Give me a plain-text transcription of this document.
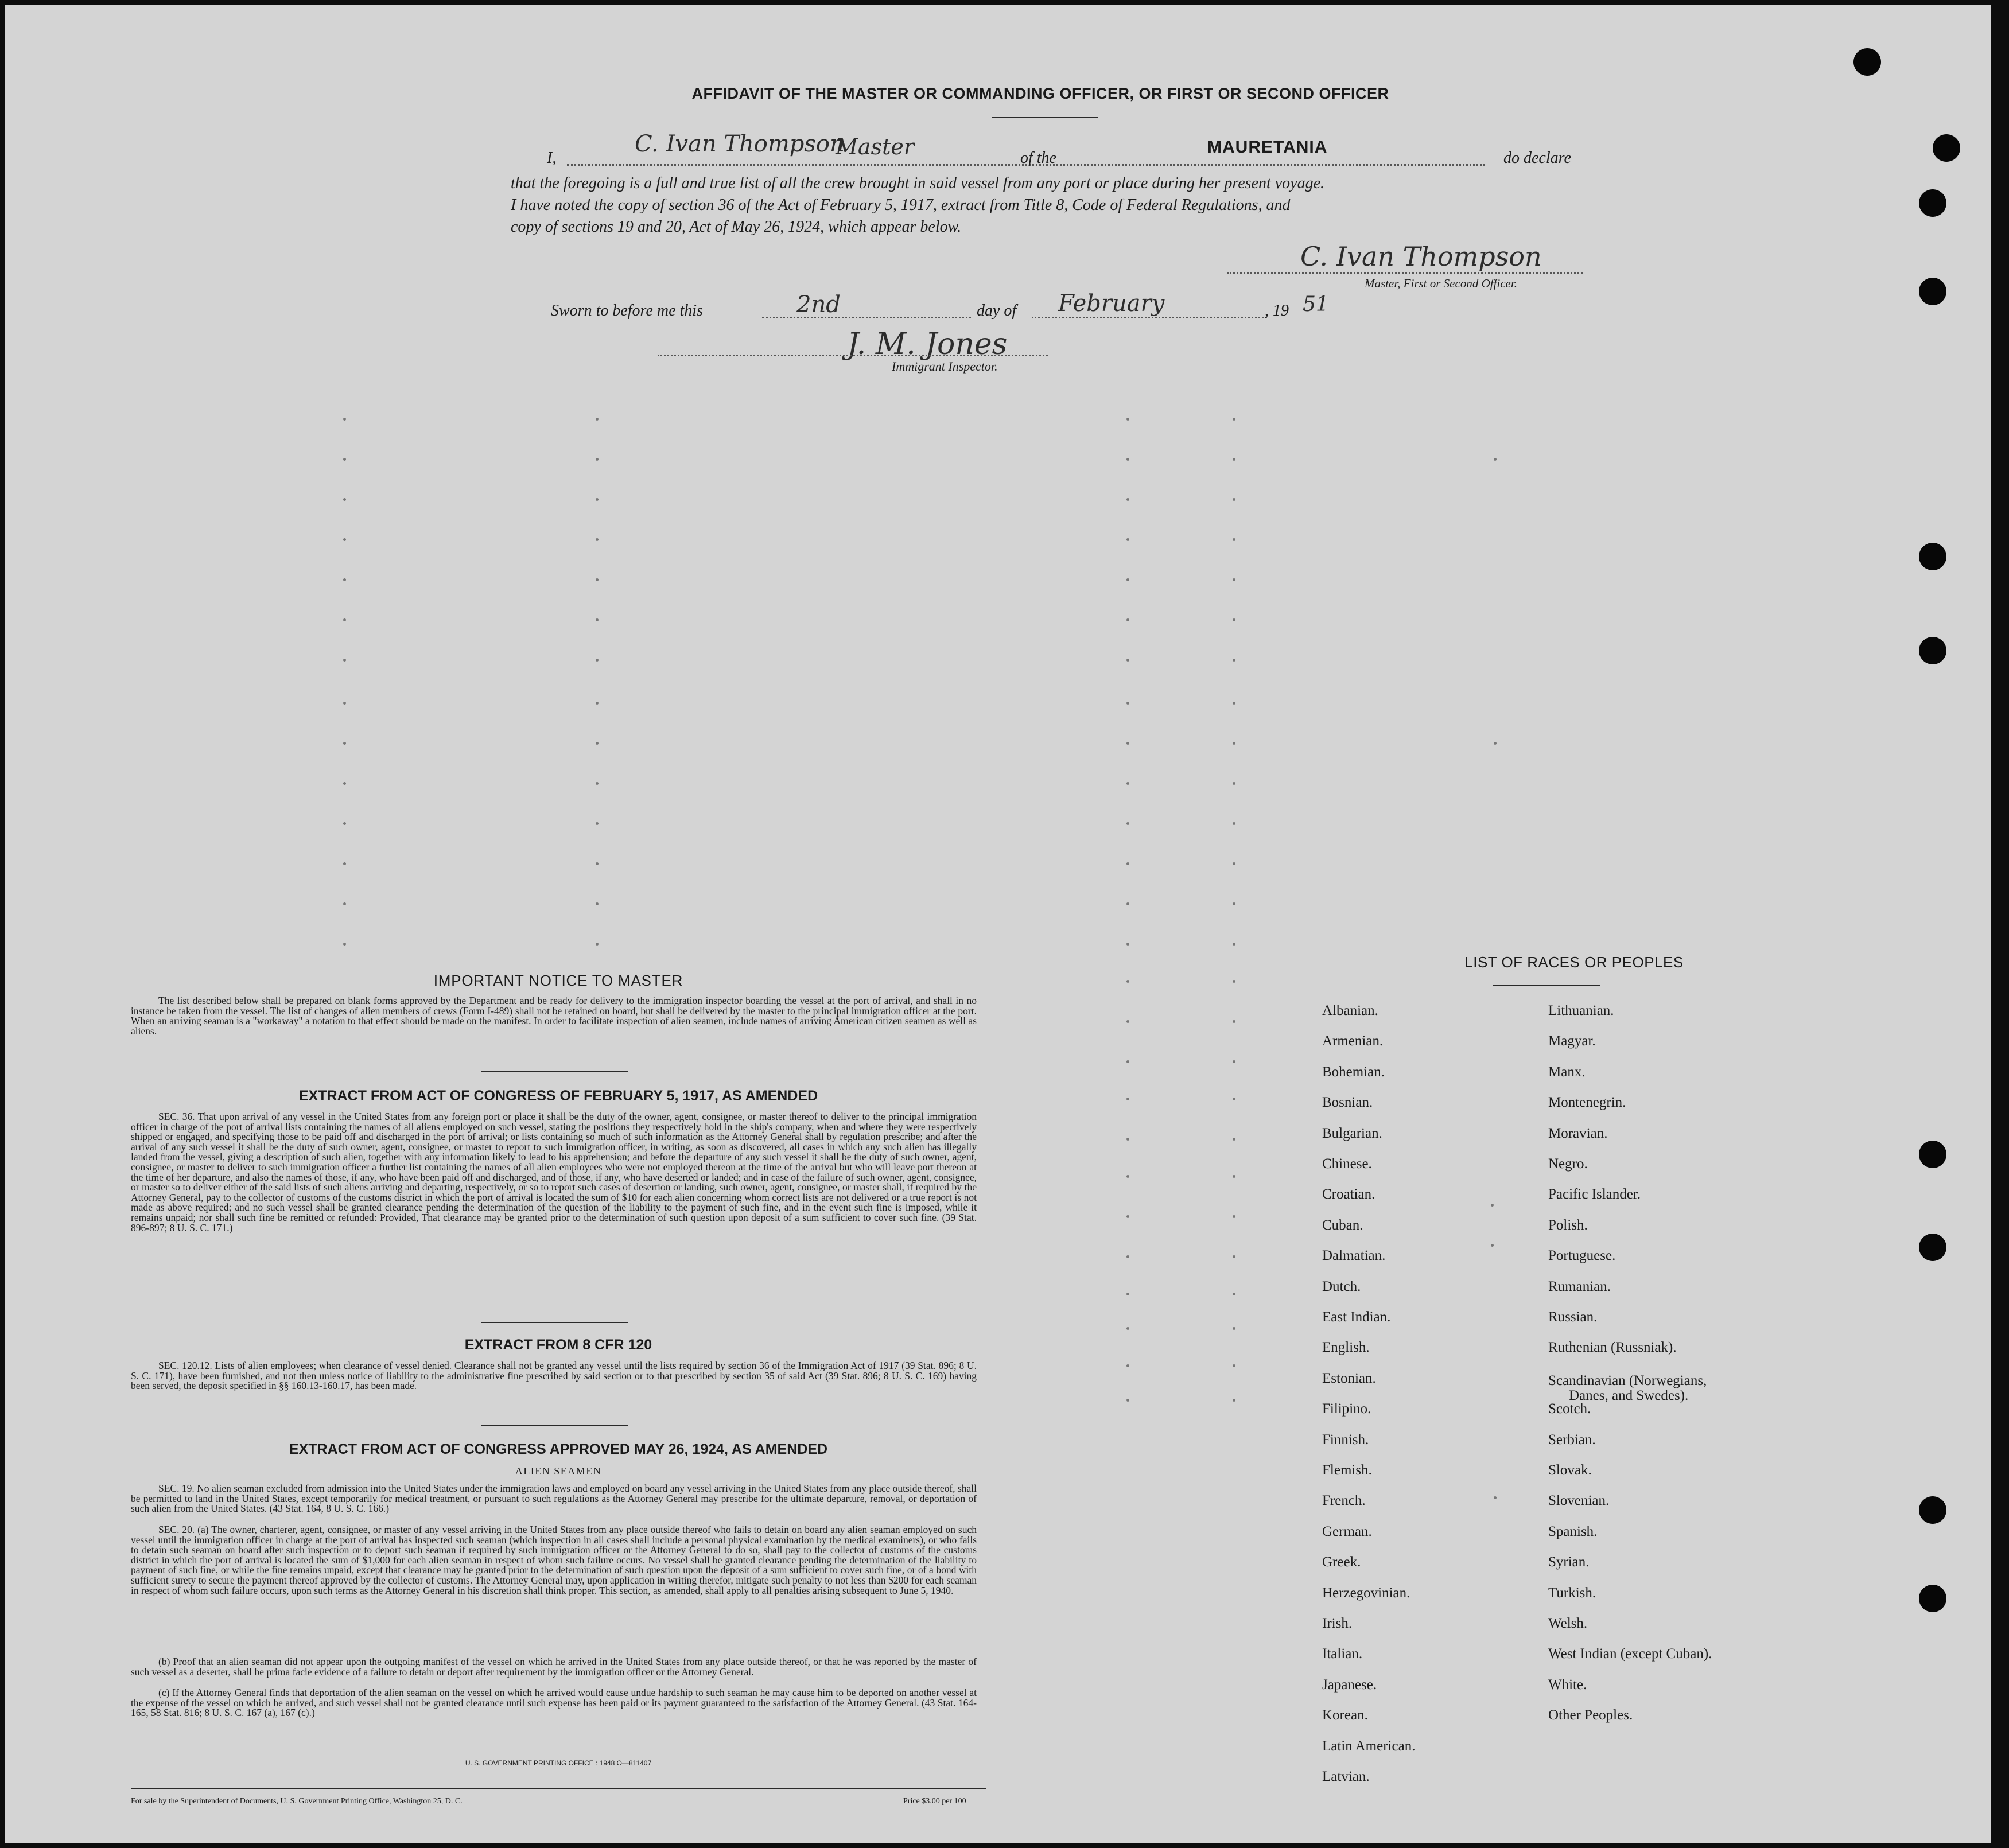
AFFIDAVIT OF THE MASTER OR COMMANDING OFFICER, OR FIRST OR SECOND OFFICER
I,
C. Ivan Thompson
Master	of the
MAURETANIA
do declare
that the foregoing is a full and true list of all the crew brought in said vessel from any port or place during her present voyage.
I have noted the copy of section 36 of the Act of February 5, 1917, extract from Title 8, Code of Federal Regulations, and
copy of sections 19 and 20, Act of May 26, 1924, which appear below.
C. Ivan Thompson
Master, First or Second Officer.
Sworn to before me this	2nd	day of February	, 19 51
J. M. Jones
Immigrant Inspector.
IMPORTANT NOTICE TO MASTER
The list described below shall be prepared on blank forms approved by the Department and be ready for delivery to the immigration inspector boarding the vessel at the port of arrival, and shall in no instance be taken from the vessel. The list of changes of alien members of crews (Form I-489) shall not be retained on board, but shall be delivered by the master to the principal immigration officer at the port. When an arriving seaman is a "workaway" a notation to that effect should be made on the manifest. In order to facilitate inspection of alien seamen, include names of arriving American citizen seamen as well as aliens.
EXTRACT FROM ACT OF CONGRESS OF FEBRUARY 5, 1917, AS AMENDED
SEC. 36. That upon arrival of any vessel in the United States from any foreign port or place it shall be the duty of the owner, agent, consignee, or master thereof to deliver to the principal immigration officer in charge of the port of arrival lists containing the names of all aliens employed on such vessel, stating the positions they respectively hold in the ship's company, when and where they were respectively shipped or engaged, and specifying those to be paid off and discharged in the port of arrival; or lists containing so much of such information as the Attorney General shall by regulation prescribe; and after the arrival of any such vessel it shall be the duty of such owner, agent, consignee, or master to report to such immigration officer, in writing, as soon as discovered, all cases in which any such alien has illegally landed from the vessel, giving a description of such alien, together with any information likely to lead to his apprehension; and before the departure of any such vessel it shall be the duty of such owner, agent, consignee, or master to deliver to such immigration officer a further list containing the names of all alien employees who were not employed thereon at the time of the arrival but who will leave port thereon at the time of her departure, and also the names of those, if any, who have been paid off and discharged, and of those, if any, who have deserted or landed; and in case of the failure of such owner, agent, consignee, or master so to deliver either of the said lists of such aliens arriving and departing, respectively, or so to report such cases of desertion or landing, such owner, agent, consignee, or master shall, if required by the Attorney General, pay to the collector of customs of the customs district in which the port of arrival is located the sum of $10 for each alien concerning whom correct lists are not delivered or a true report is not made as above required; and no such vessel shall be granted clearance pending the determination of the question of the liability to the payment of such fine, and in the event such fine is imposed, while it remains unpaid; nor shall such fine be remitted or refunded: Provided, That clearance may be granted prior to the determination of such question upon deposit of a sum sufficient to cover such fine. (39 Stat. 896-897; 8 U. S. C. 171.)
EXTRACT FROM 8 CFR 120
SEC. 120.12. Lists of alien employees; when clearance of vessel denied. Clearance shall not be granted any vessel until the lists required by section 36 of the Immigration Act of 1917 (39 Stat. 896; 8 U. S. C. 171), have been furnished, and not then unless notice of liability to the administrative fine prescribed by said section or to that prescribed by section 35 of said Act (39 Stat. 896; 8 U. S. C. 169) having been served, the deposit specified in §§ 160.13-160.17, has been made.
EXTRACT FROM ACT OF CONGRESS APPROVED MAY 26, 1924, AS AMENDED
ALIEN SEAMEN
SEC. 19. No alien seaman excluded from admission into the United States under the immigration laws and employed on board any vessel arriving in the United States from any place outside thereof, shall be permitted to land in the United States, except temporarily for medical treatment, or pursuant to such regulations as the Attorney General may prescribe for the ultimate departure, removal, or deportation of such alien from the United States. (43 Stat. 164, 8 U. S. C. 166.)
SEC. 20. (a) The owner, charterer, agent, consignee, or master of any vessel arriving in the United States from any place outside thereof who fails to detain on board any alien seaman employed on such vessel until the immigration officer in charge at the port of arrival has inspected such seaman (which inspection in all cases shall include a personal physical examination by the medical examiners), or who fails to detain such seaman on board after such inspection or to deport such seaman if required by such immigration officer or the Attorney General to do so, shall pay to the collector of customs of the customs district in which the port of arrival is located the sum of $1,000 for each alien seaman in respect of whom such failure occurs. No vessel shall be granted clearance pending the determination of the liability to payment of such fine, or while the fine remains unpaid, except that clearance may be granted prior to the determination of such question upon the deposit of a sum sufficient to cover such fine, or of a bond with sufficient surety to secure the payment thereof approved by the collector of customs. The Attorney General may, upon application in writing therefor, mitigate such penalty to not less than $200 for each seaman in respect of whom such failure occurs, upon such terms as the Attorney General in his discretion shall think proper. This section, as amended, shall apply to all penalties arising subsequent to June 5, 1940.
(b) Proof that an alien seaman did not appear upon the outgoing manifest of the vessel on which he arrived in the United States from any place outside thereof, or that he was reported by the master of such vessel as a deserter, shall be prima facie evidence of a failure to detain or deport after requirement by the immigration officer or the Attorney General.
(c) If the Attorney General finds that deportation of the alien seaman on the vessel on which he arrived would cause undue hardship to such seaman he may cause him to be deported on another vessel at the expense of the vessel on which he arrived, and such vessel shall not be granted clearance until such expense has been paid or its payment guaranteed to the satisfaction of the Attorney General. (43 Stat. 164-165, 58 Stat. 816; 8 U. S. C. 167 (a), 167 (c).)
U. S. GOVERNMENT PRINTING OFFICE : 1948 O—811407
For sale by the Superintendent of Documents, U. S. Government Printing Office, Washington 25, D. C.	Price $3.00 per 100
LIST OF RACES OR PEOPLES
Albanian.
Armenian.
Bohemian.
Bosnian.
Bulgarian.
Chinese.
Croatian.
Cuban.
Dalmatian.
Dutch.
East Indian.
English.
Estonian.
Filipino.
Finnish.
Flemish.
French.
German.
Greek.
Herzegovinian.
Irish.
Italian.
Japanese.
Korean.
Latin American.
Latvian.
Lithuanian.
Magyar.
Manx.
Montenegrin.
Moravian.
Negro.
Pacific Islander.
Polish.
Portuguese.
Rumanian.
Russian.
Ruthenian (Russniak).
Scandinavian (Norwegians,
Danes, and Swedes).
Scotch.
Serbian.
Slovak.
Slovenian.
Spanish.
Syrian.
Turkish.
Welsh.
West Indian (except Cuban).
White.
Other Peoples.
